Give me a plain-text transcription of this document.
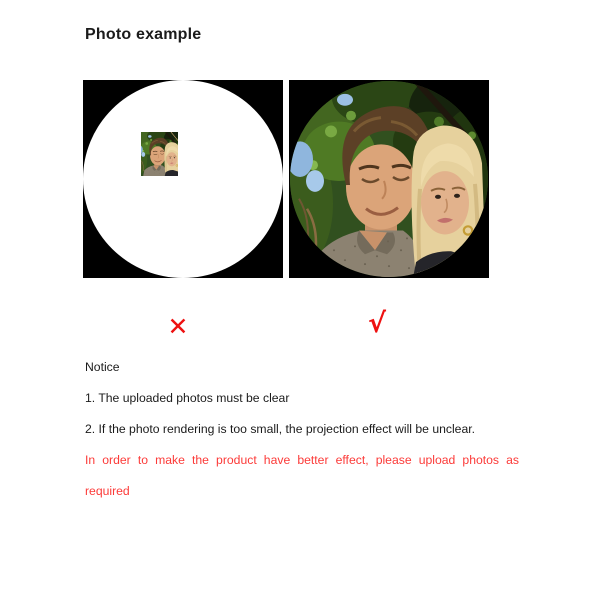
Photo example
✕	√

Notice

1. The uploaded photos must be clear

2. If the photo rendering is too small, the projection effect will be unclear.

In order to make the product have better effect, please upload photos as required
